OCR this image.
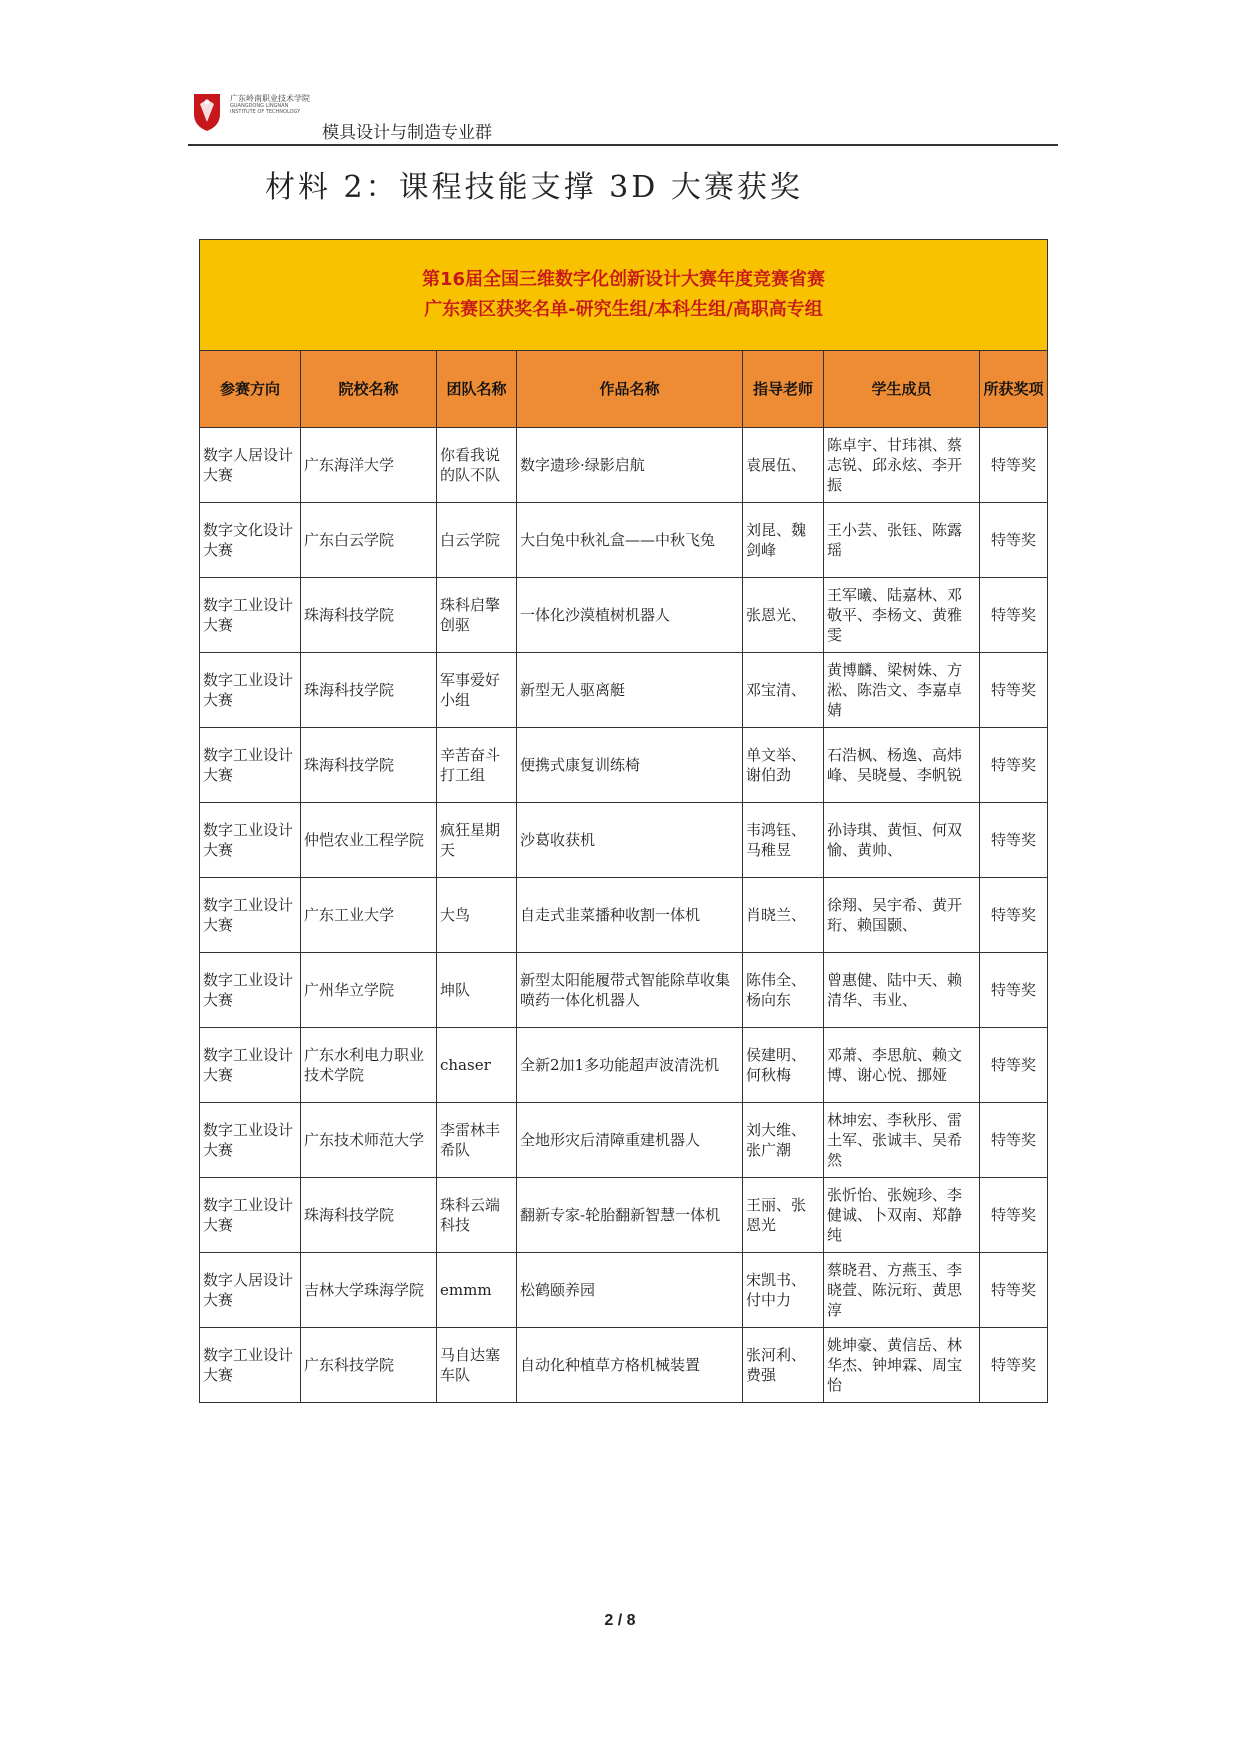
广东岭南职业技术学院
GUANGDONG LINGNAN
INSTITUTE OF TECHNOLOGY
模具设计与制造专业群
材料 2：课程技能支撑 3D 大赛获奖
第16届全国三维数字化创新设计大赛年度竞赛省赛
广东赛区获奖名单-研究生组/本科生组/高职高专组						

参赛方向	院校名称	团队名称	作品名称	指导老师	学生成员	所获奖项
数字人居设计大赛	广东海洋大学	你看我说的队不队	数字遗珍·绿影启航	袁展伍、	陈卓宇、甘玮祺、蔡志锐、邱永炫、李开振	特等奖
数字文化设计大赛	广东白云学院	白云学院	大白兔中秋礼盒——中秋飞兔	刘昆、魏剑峰	王小芸、张钰、陈露瑶	特等奖
数字工业设计大赛	珠海科技学院	珠科启擎创驱	一体化沙漠植树机器人	张恩光、	王军曦、陆嘉林、邓敬平、李杨文、黄雅雯	特等奖
数字工业设计大赛	珠海科技学院	军事爱好小组	新型无人驱离艇	邓宝清、	黄博麟、梁树姝、方淞、陈浩文、李嘉卓婧	特等奖
数字工业设计大赛	珠海科技学院	辛苦奋斗打工组	便携式康复训练椅	单文举、谢伯劲	石浩枫、杨逸、高炜峰、吴晓曼、李帆锐	特等奖
数字工业设计大赛	仲恺农业工程学院	疯狂星期天	沙葛收获机	韦鸿钰、马稚昱	孙诗琪、黄恒、何双愉、黄帅、	特等奖
数字工业设计大赛	广东工业大学	大鸟	自走式韭菜播种收割一体机	肖晓兰、	徐翔、吴宇希、黄开珩、赖国颢、	特等奖
数字工业设计大赛	广州华立学院	坤队	新型太阳能履带式智能除草收集喷药一体化机器人	陈伟全、杨向东	曾惠健、陆中天、赖清华、韦业、	特等奖
数字工业设计大赛	广东水利电力职业技术学院	chaser	全新2加1多功能超声波清洗机	侯建明、何秋梅	邓萧、李思航、赖文博、谢心悦、挪娅	特等奖
数字工业设计大赛	广东技术师范大学	李雷林丰希队	全地形灾后清障重建机器人	刘大维、张广潮	林坤宏、李秋彤、雷土军、张诚丰、吴希然	特等奖
数字工业设计大赛	珠海科技学院	珠科云端科技	翻新专家-轮胎翻新智慧一体机	王丽、张恩光	张忻怡、张婉珍、李健诚、卜双南、郑静纯	特等奖
数字人居设计大赛	吉林大学珠海学院	emmm	松鹤颐养园	宋凯书、付中力	蔡晓君、方燕玉、李晓萱、陈沅珩、黄思淳	特等奖
数字工业设计大赛	广东科技学院	马自达塞车队	自动化种植草方格机械装置	张河利、费强	姚坤豪、黄信岳、林华杰、钟坤霖、周宝怡	特等奖
2 / 8
